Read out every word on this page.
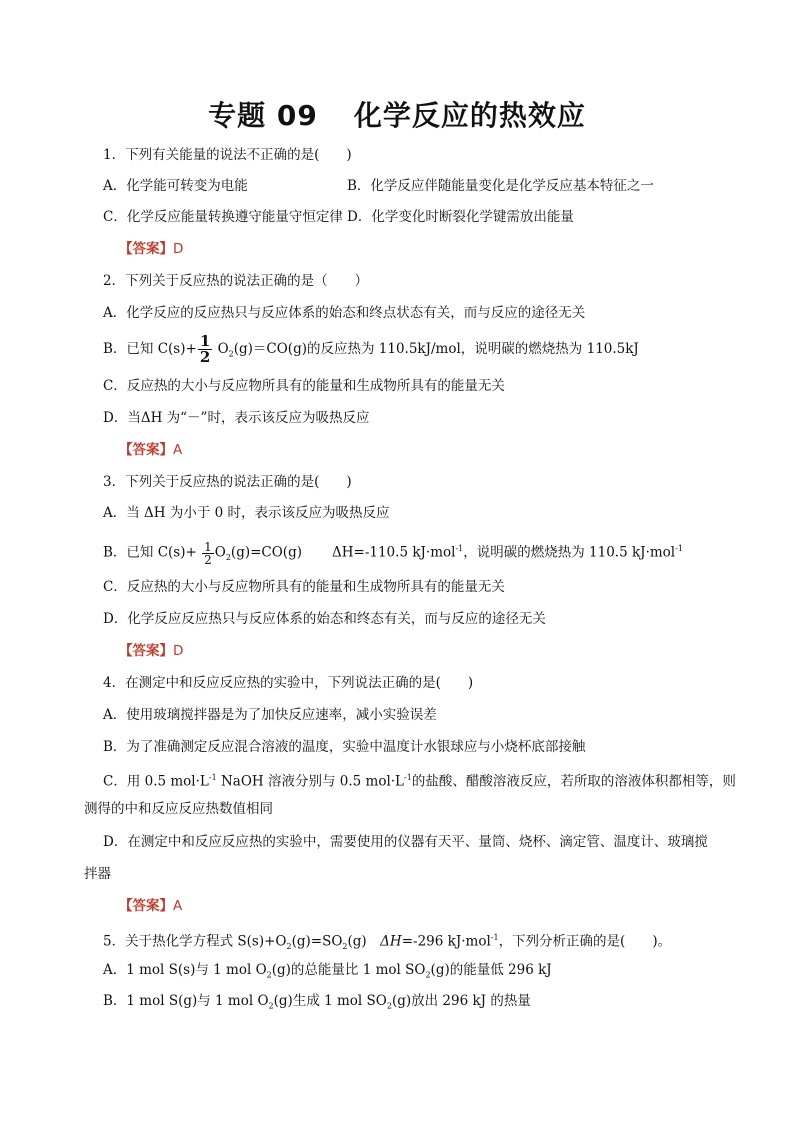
专题 09 化学反应的热效应
1．下列有关能量的说法不正确的是(　　)
A．化学能可转变为电能	B．化学反应伴随能量变化是化学反应基本特征之一
C．化学反应能量转换遵守能量守恒定律 D．化学变化时断裂化学键需放出能量
【答案】D
2．下列关于反应热的说法正确的是（　　）
A．化学反应的反应热只与反应体系的始态和终点状态有关，而与反应的途径无关
B．已知 $C(s)+ \frac{1}{2} O_2(g)=CO(g)$的反应热为 110.5kJ/mol，说明碳的燃烧热为 110.5kJ
C．反应热的大小与反应物所具有的能量和生成物所具有的能量无关
D．当ΔH 为“－”时，表示该反应为吸热反应
【答案】A
3．下列关于反应热的说法正确的是(　　)
A．当 ΔH 为小于 0 时，表示该反应为吸热反应
B．已知 $C(s)+ \frac{1}{2} O_2(g)=CO(g)$ ΔH=-110.5 kJ·mol$^{-1}$，说明碳的燃烧热为 110.5 kJ·mol$^{-1}$
C．反应热的大小与反应物所具有的能量和生成物所具有的能量无关
D．化学反应反应热只与反应体系的始态和终态有关，而与反应的途径无关
【答案】D
4．在测定中和反应反应热的实验中，下列说法正确的是(　　)
A．使用玻璃搅拌器是为了加快反应速率，减小实验误差
B．为了准确测定反应混合溶液的温度，实验中温度计水银球应与小烧杯底部接触
C．用 0.5 $mol\cdot L^{-1}$ NaOH 溶液分别与 0.5 $mol\cdot L^{-1}$的盐酸、醋酸溶液反应，若所取的溶液体积都相等，则
测得的中和反应反应热数值相同
D．在测定中和反应反应热的实验中，需要使用的仪器有天平、量筒、烧杯、滴定管、温度计、玻璃搅
拌器
【答案】A
5．关于热化学方程式 $S(s)+O_2(g)=SO_2(g)$　ΔH=-296 kJ·mol$^{-1}$，下列分析正确的是(　　)。
A．1 mol S(s)与 1 mol $O_2(g)$的总能量比 1 mol $SO_2(g)$的能量低 296 kJ
B．1 mol S(g)与 1 mol $O_2(g)$生成 1 mol $SO_2(g)$放出 296 kJ 的热量
